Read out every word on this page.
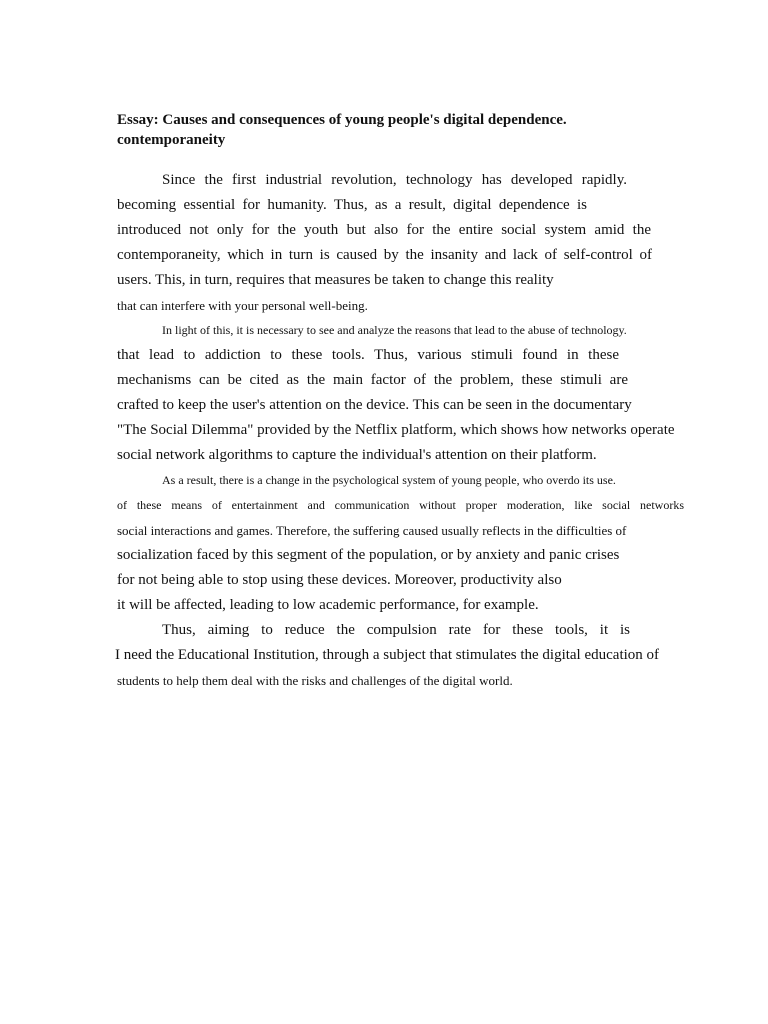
Essay: Causes and consequences of young people's digital dependence.
contemporaneity
Since the first industrial revolution, technology has developed rapidly.
becoming essential for humanity. Thus, as a result, digital dependence is
introduced not only for the youth but also for the entire social system amid the
contemporaneity, which in turn is caused by the insanity and lack of self-control of
users. This, in turn, requires that measures be taken to change this reality
that can interfere with your personal well-being.
In light of this, it is necessary to see and analyze the reasons that lead to the abuse of technology.
that lead to addiction to these tools. Thus, various stimuli found in these
mechanisms can be cited as the main factor of the problem, these stimuli are
crafted to keep the user's attention on the device. This can be seen in the documentary
"The Social Dilemma" provided by the Netflix platform, which shows how networks operate
social network algorithms to capture the individual's attention on their platform.
As a result, there is a change in the psychological system of young people, who overdo its use.
of these means of entertainment and communication without proper moderation, like social networks
social interactions and games. Therefore, the suffering caused usually reflects in the difficulties of
socialization faced by this segment of the population, or by anxiety and panic crises
for not being able to stop using these devices. Moreover, productivity also
it will be affected, leading to low academic performance, for example.
Thus, aiming to reduce the compulsion rate for these tools, it is
I need the Educational Institution, through a subject that stimulates the digital education of
students to help them deal with the risks and challenges of the digital world.
